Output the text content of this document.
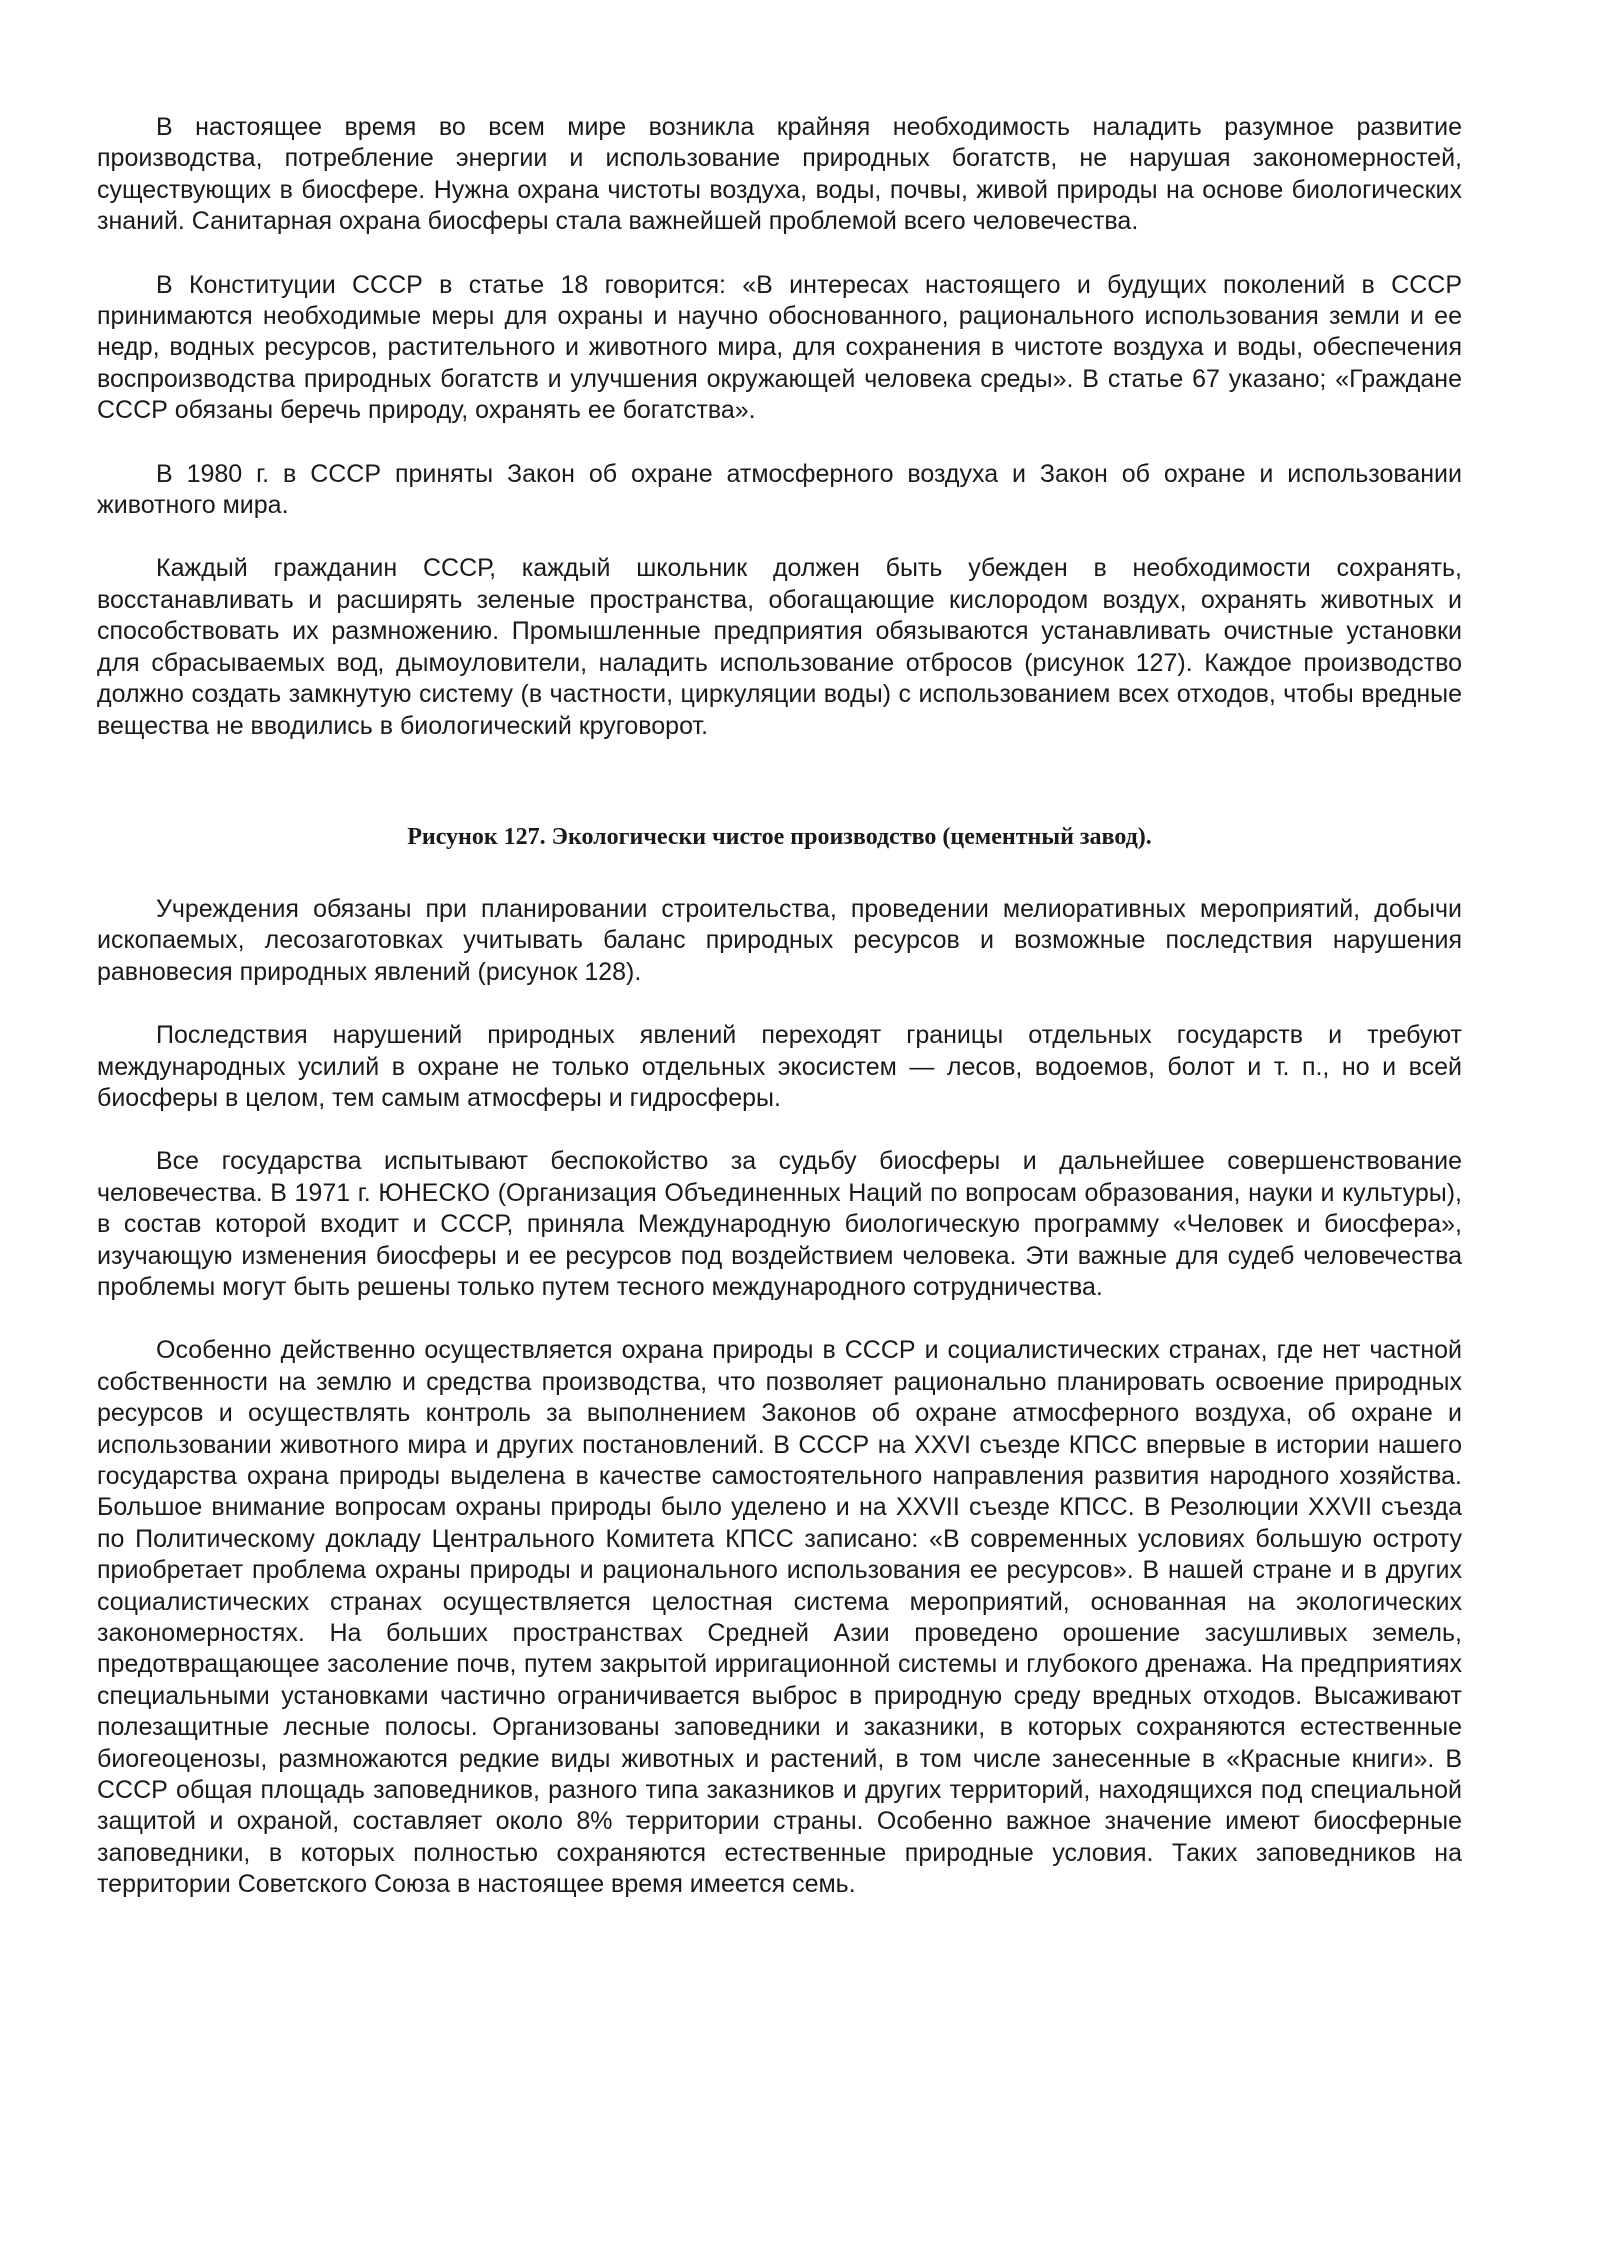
В настоящее время во всем мире возникла крайняя необходимость наладить разумное развитие производства, потребление энергии и использование природных богатств, не нарушая закономерностей, существующих в биосфере. Нужна охрана чистоты воздуха, воды, почвы, живой природы на основе биологических знаний. Санитарная охрана биосферы стала важнейшей проблемой всего человечества.

В Конституции СССР в статье 18 говорится: «В интересах настоящего и будущих поколений в СССР принимаются необходимые меры для охраны и научно обоснованного, рационального использования земли и ее недр, водных ресурсов, растительного и животного мира, для сохранения в чистоте воздуха и воды, обеспечения воспроизводства природных богатств и улучшения окружающей человека среды». В статье 67 указано; «Граждане СССР обязаны беречь природу, охранять ее богатства».

В 1980 г. в СССР приняты Закон об охране атмосферного воздуха и Закон об охране и использовании животного мира.

Каждый гражданин СССР, каждый школьник должен быть убежден в необходимости сохранять, восстанавливать и расширять зеленые пространства, обогащающие кислородом воздух, охранять животных и способствовать их размножению. Промышленные предприятия обязываются устанавливать очистные установки для сбрасываемых вод, дымоуловители, наладить использование отбросов (рисунок 127). Каждое производство должно создать замкнутую систему (в частности, циркуляции воды) с использованием всех отходов, чтобы вредные вещества не вводились в биологический круговорот.

Рисунок 127. Экологически чистое производство (цементный завод).

Учреждения обязаны при планировании строительства, проведении мелиоративных мероприятий, добычи ископаемых, лесозаготовках учитывать баланс природных ресурсов и возможные последствия нарушения равновесия природных явлений (рисунок 128).

Последствия нарушений природных явлений переходят границы отдельных государств и требуют международных усилий в охране не только отдельных экосистем — лесов, водоемов, болот и т. п., но и всей биосферы в целом, тем самым атмосферы и гидросферы.

Все государства испытывают беспокойство за судьбу биосферы и дальнейшее совершенствование человечества. В 1971 г. ЮНЕСКО (Организация Объединенных Наций по вопросам образования, науки и культуры), в состав которой входит и СССР, приняла Международную биологическую программу «Человек и биосфера», изучающую изменения биосферы и ее ресурсов под воздействием человека. Эти важные для судеб человечества проблемы могут быть решены только путем тесного международного сотрудничества.

Особенно действенно осуществляется охрана природы в СССР и социалистических странах, где нет частной собственности на землю и средства производства, что позволяет рационально планировать освоение природных ресурсов и осуществлять контроль за выполнением Законов об охране атмосферного воздуха, об охране и использовании животного мира и других постановлений. В СССР на XXVI съезде КПСС впервые в истории нашего государства охрана природы выделена в качестве самостоятельного направления развития народного хозяйства. Большое внимание вопросам охраны природы было уделено и на XXVII съезде КПСС. В Резолюции XXVII съезда по Политическому докладу Центрального Комитета КПСС записано: «В современных условиях большую остроту приобретает проблема охраны природы и рационального использования ее ресурсов». В нашей стране и в других социалистических странах осуществляется целостная система мероприятий, основанная на экологических закономерностях. На больших пространствах Средней Азии проведено орошение засушливых земель, предотвращающее засоление почв, путем закрытой ирригационной системы и глубокого дренажа. На предприятиях специальными установками частично ограничивается выброс в природную среду вредных отходов. Высаживают полезащитные лесные полосы. Организованы заповедники и заказники, в которых сохраняются естественные биогеоценозы, размножаются редкие виды животных и растений, в том числе занесенные в «Красные книги». В СССР общая площадь заповедников, разного типа заказников и других территорий, находящихся под специальной защитой и охраной, составляет около 8% территории страны. Особенно важное значение имеют биосферные заповедники, в которых полностью сохраняются естественные природные условия. Таких заповедников на территории Советского Союза в настоящее время имеется семь.
